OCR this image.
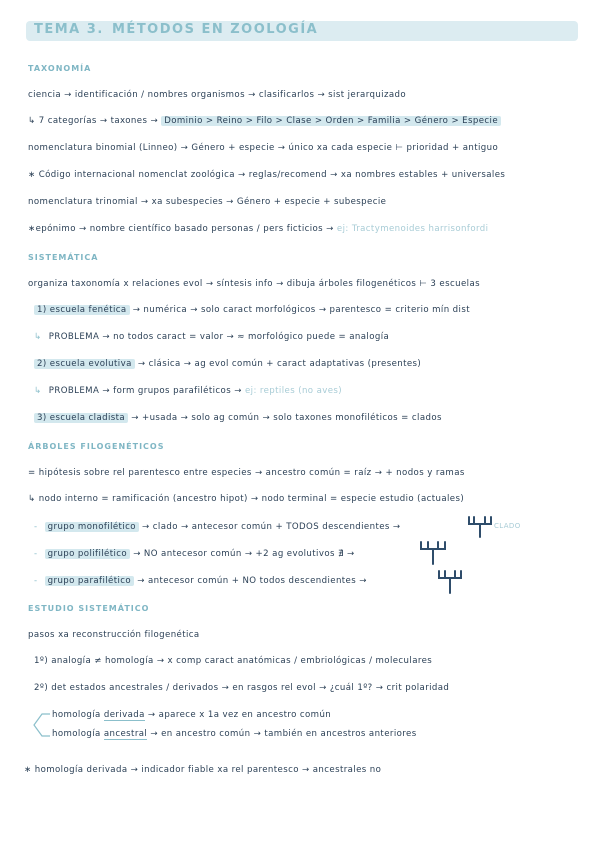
TEMA 3. MÉTODOS EN ZOOLOGÍA
TAXONOMÍA
ciencia → identificación / nombres organismos → clasificarlos → sist jerarquizado
↳ 7 categorías → taxones → Dominio > Reino > Filo > Clase > Orden > Familia > Género > Especie
nomenclatura binomial (Linneo) → Género + especie → único xa cada especie ⊢ prioridad + antiguo
∗ Código internacional nomenclat zoológica → reglas/recomend → xa nombres estables + universales
nomenclatura trinomial → xa subespecies → Género + especie + subespecie
∗epónimo → nombre científico basado personas / pers ficticios → ej: Tractymenoides harrisonfordi
SISTEMÁTICA
organiza taxonomía x relaciones evol → síntesis info → dibuja árboles filogenéticos ⊢ 3 escuelas
1) escuela fenética → numérica → solo caract morfológicos → parentesco = criterio mín dist
↳ PROBLEMA → no todos caract = valor → ≈ morfológico puede = analogía
2) escuela evolutiva → clásica → ag evol común + caract adaptativas (presentes)
↳ PROBLEMA → form grupos parafiléticos → ej: reptiles (no aves)
3) escuela cladista → +usada → solo ag común → solo taxones monofiléticos = clados
ÁRBOLES FILOGENÉTICOS
= hipótesis sobre rel parentesco entre especies → ancestro común = raíz → + nodos y ramas
↳ nodo interno = ramificación (ancestro hipot) → nodo terminal = especie estudio (actuales)
- grupo monofilético → clado → antecesor común + TODOS descendientes →	CLADO
- grupo polifilético → NO antecesor común → +2 ag evolutivos ∄ →
- grupo parafilético → antecesor común + NO todos descendientes →
ESTUDIO SISTEMÁTICO
pasos xa reconstrucción filogenética
1º) analogía ≠ homología → x comp caract anatómicas / embriológicas / moleculares
2º) det estados ancestrales / derivados → en rasgos rel evol → ¿cuál 1º? → crit polaridad
homología derivada → aparece x 1a vez en ancestro común
homología ancestral → en ancestro común → también en ancestros anteriores
∗ homología derivada → indicador fiable xa rel parentesco → ancestrales no
